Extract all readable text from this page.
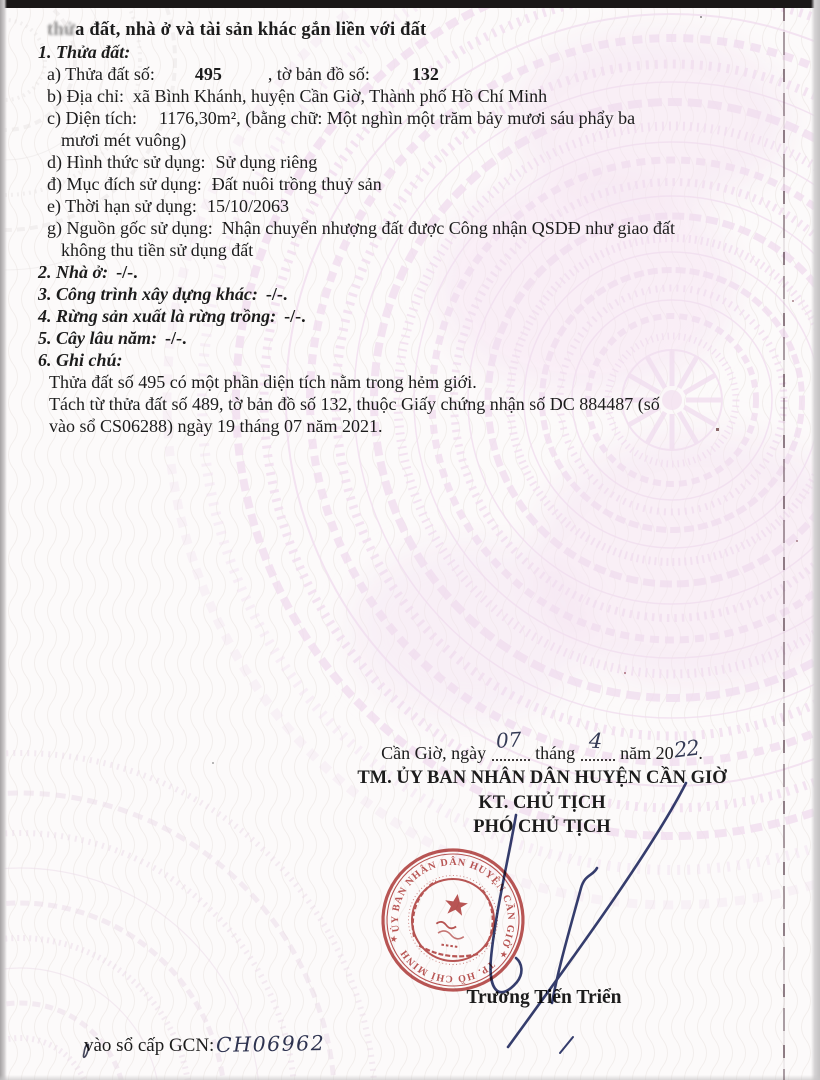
thửa đất, nhà ở và tài sản khác gắn liền với đất
1. Thửa đất:
a) Thửa đất số: 495	, tờ bản đồ số: 132
b) Địa chỉ: xã Bình Khánh, huyện Cần Giờ, Thành phố Hồ Chí Minh
c) Diện tích: 1176,30m², (bằng chữ: Một nghìn một trăm bảy mươi sáu phẩy ba
mươi mét vuông)
d) Hình thức sử dụng: Sử dụng riêng
đ) Mục đích sử dụng: Đất nuôi trồng thuỷ sản
e) Thời hạn sử dụng: 15/10/2063
g) Nguồn gốc sử dụng: Nhận chuyển nhượng đất được Công nhận QSDĐ như giao đất
không thu tiền sử dụng đất
2. Nhà ở: -/-.
3. Công trình xây dựng khác: -/-.
4. Rừng sản xuất là rừng trồng: -/-.
5. Cây lâu năm: -/-.
6. Ghi chú:
Thửa đất số 495 có một phần diện tích nằm trong hẻm giới.
Tách từ thửa đất số 489, tờ bản đồ số 132, thuộc Giấy chứng nhận số DC 884487 (số
vào sổ CS06288) ngày 19 tháng 07 năm 2021.
Cần Giờ, ngày
07
tháng 4 năm 2022.
TM. ỦY BAN NHÂN DÂN HUYỆN CẦN GIỜ
KT. CHỦ TỊCH
PHÓ CHỦ TỊCH
Trương Tiến Triển
ỦY BAN NHÂN DÂN HUYỆN CẦN GIỜ
TP. HỒ CHÍ MINH
★
★
vào sổ cấp GCN:CH06962
